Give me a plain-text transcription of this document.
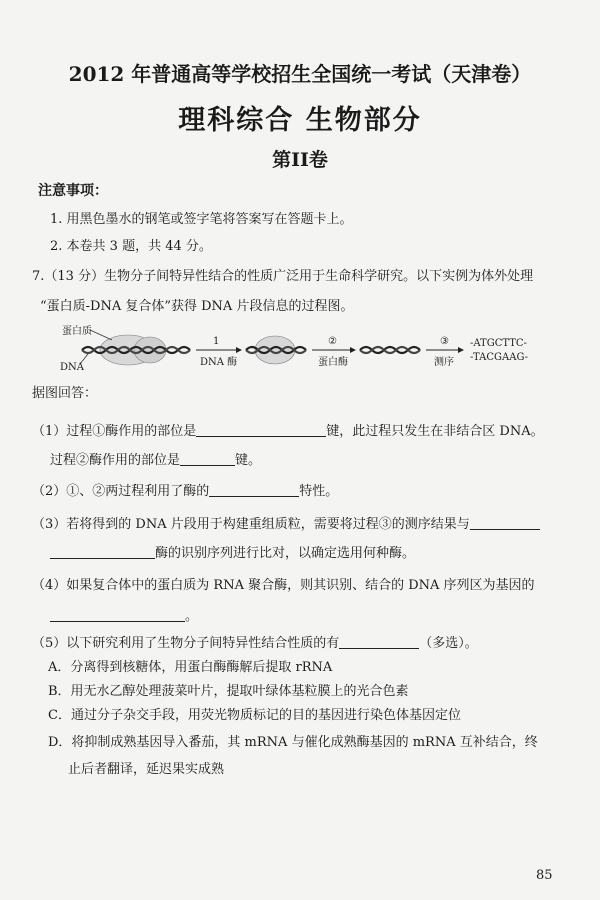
2012 年普通高等学校招生全国统一考试（天津卷）
理科综合 生物部分
第II卷
注意事项：
1. 用黑色墨水的钢笔或签字笔将答案写在答题卡上。
2. 本卷共 3 题，共 44 分。
7.（13 分）生物分子间特异性结合的性质广泛用于生命科学研究。以下实例为体外处理
“蛋白质-DNA 复合体”获得 DNA 片段信息的过程图。
蛋白质
DNA
1
DNA 酶
②
蛋白酶
③
测序
-ATGCTTC-
-TACGAAG-
据图回答：
（1）过程①酶作用的部位是	键，此过程只发生在非结合区 DNA。
过程②酶作用的部位是	键。
（2）①、②两过程利用了酶的	特性。
（3）若将得到的 DNA 片段用于构建重组质粒，需要将过程③的测序结果与
酶的识别序列进行比对，以确定选用何种酶。
（4）如果复合体中的蛋白质为 RNA 聚合酶，则其识别、结合的 DNA 序列区为基因的
。
（5）以下研究利用了生物分子间特异性结合性质的有	（多选）。
A．分离得到核糖体，用蛋白酶酶解后提取 rRNA
B．用无水乙醇处理菠菜叶片，提取叶绿体基粒膜上的光合色素
C．通过分子杂交手段，用荧光物质标记的目的基因进行染色体基因定位
D．将抑制成熟基因导入番茄，其 mRNA 与催化成熟酶基因的 mRNA 互补结合，终
止后者翻译，延迟果实成熟
85
